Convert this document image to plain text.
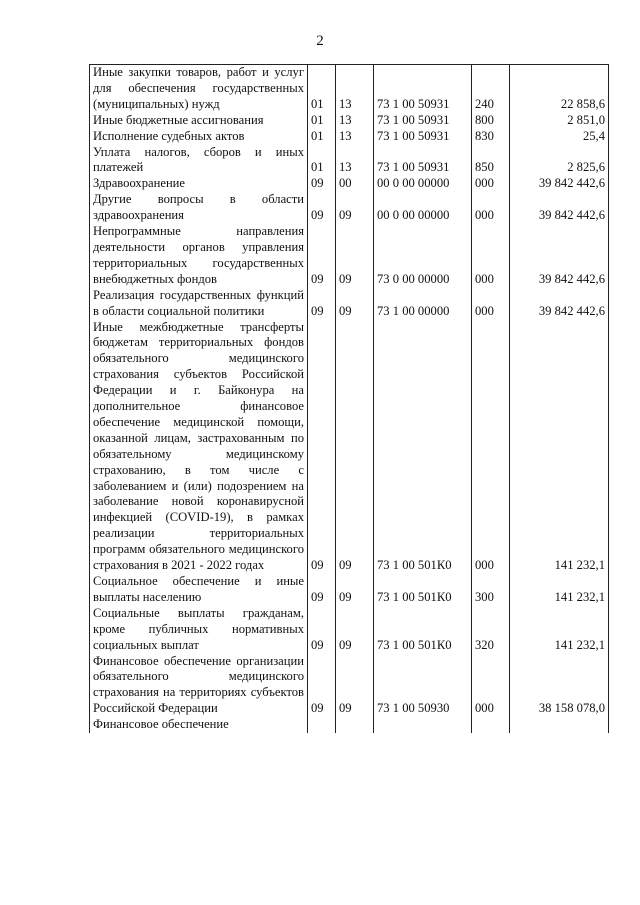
2
Иные закупки товаров, работ и услуг для обеспечения государственных (муниципальных) нужд	01	13	73 1 00 50931	240	22 858,6
Иные бюджетные ассигнования	01	13	73 1 00 50931	800	2 851,0
Исполнение судебных актов	01	13	73 1 00 50931	830	25,4
Уплата налогов, сборов и иных платежей	01	13	73 1 00 50931	850	2 825,6
Здравоохранение	09	00	00 0 00 00000	000	39 842 442,6
Другие вопросы в области здравоохранения	09	09	00 0 00 00000	000	39 842 442,6
Непрограммные направления деятельности органов управления территориальных государственных внебюджетных фондов	09	09	73 0 00 00000	000	39 842 442,6
Реализация государственных функций в области социальной политики	09	09	73 1 00 00000	000	39 842 442,6
Иные межбюджетные трансферты бюджетам территориальных фондов обязательного медицинского страхования субъектов Российской Федерации и г. Байконура на дополнительное финансовое обеспечение медицинской помощи, оказанной лицам, застрахованным по обязательному медицинскому страхованию, в том числе с заболеванием и (или) подозрением на заболевание новой коронавирусной инфекцией (COVID-19), в рамках реализации территориальных программ обязательного медицинского страхования в 2021 - 2022 годах	09	09	73 1 00 501К0	000	141 232,1
Социальное обеспечение и иные выплаты населению	09	09	73 1 00 501К0	300	141 232,1
Социальные выплаты гражданам, кроме публичных нормативных социальных выплат	09	09	73 1 00 501К0	320	141 232,1
Финансовое обеспечение организации обязательного медицинского страхования на территориях субъектов Российской Федерации	09	09	73 1 00 50930	000	38 158 078,0
Финансовое обеспечение					
